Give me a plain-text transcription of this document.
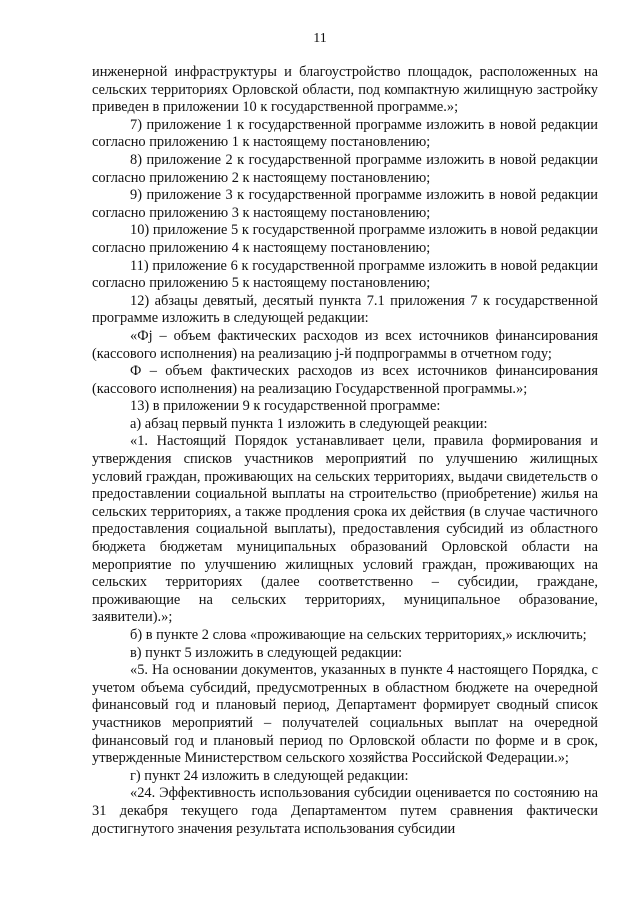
11

инженерной инфраструктуры и благоустройство площадок, расположенных на сельских территориях Орловской области, под компактную жилищную застройку приведен в приложении 10 к государственной программе.»;

7) приложение 1 к государственной программе изложить в новой редакции согласно приложению 1 к настоящему постановлению;

8) приложение 2 к государственной программе изложить в новой редакции согласно приложению 2 к настоящему постановлению;

9) приложение 3 к государственной программе изложить в новой редакции согласно приложению 3 к настоящему постановлению;

10) приложение 5 к государственной программе изложить в новой редакции согласно приложению 4 к настоящему постановлению;

11) приложение 6 к государственной программе изложить в новой редакции согласно приложению 5 к настоящему постановлению;

12) абзацы девятый, десятый пункта 7.1 приложения 7 к государственной программе изложить в следующей редакции:

«Фj – объем фактических расходов из всех источников финансирования (кассового исполнения) на реализацию j-й подпрограммы в отчетном году;

Ф – объем фактических расходов из всех источников финансирования (кассового исполнения) на реализацию Государственной программы.»;

13) в приложении 9 к государственной программе:

а) абзац первый пункта 1 изложить в следующей реакции:

«1. Настоящий Порядок устанавливает цели, правила формирования и утверждения списков участников мероприятий по улучшению жилищных условий граждан, проживающих на сельских территориях, выдачи свидетельств о предоставлении социальной выплаты на строительство (приобретение) жилья на сельских территориях, а также продления срока их действия (в случае частичного предоставления социальной выплаты), предоставления субсидий из областного бюджета бюджетам муниципальных образований Орловской области на мероприятие по улучшению жилищных условий граждан, проживающих на сельских территориях (далее соответственно – субсидии, граждане, проживающие на сельских территориях, муниципальное образование, заявители).»;

б) в пункте 2 слова «проживающие на сельских территориях,» исключить;

в) пункт 5 изложить в следующей редакции:

«5. На основании документов, указанных в пункте 4 настоящего Порядка, с учетом объема субсидий, предусмотренных в областном бюджете на очередной финансовый год и плановый период, Департамент формирует сводный список участников мероприятий – получателей социальных выплат на очередной финансовый год и плановый период по Орловской области по форме и в срок, утвержденные Министерством сельского хозяйства Российской Федерации.»;

г) пункт 24 изложить в следующей редакции:

«24. Эффективность использования субсидии оценивается по состоянию на 31 декабря текущего года Департаментом путем сравнения фактически достигнутого значения результата использования субсидии
